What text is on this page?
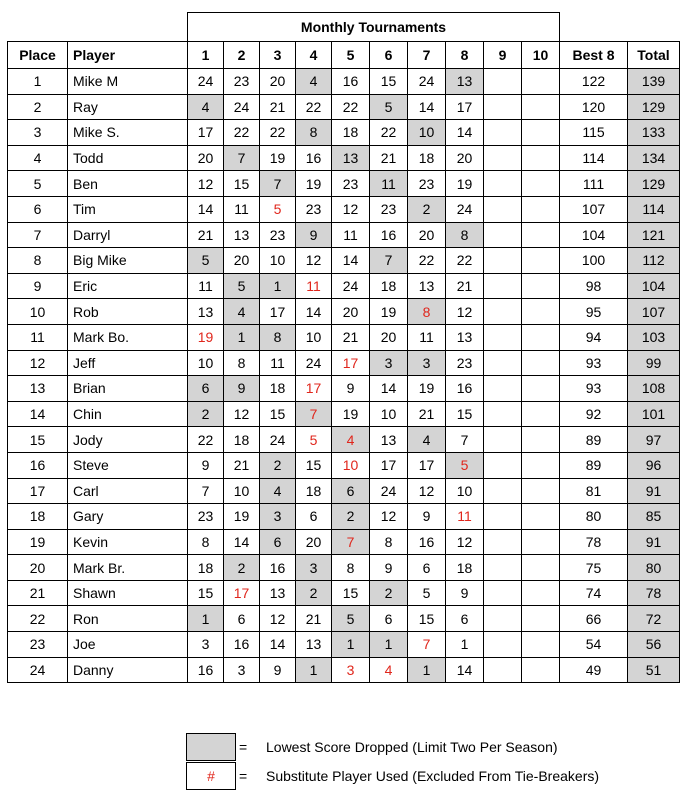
		Monthly Tournaments											
Place	Player	1	2	3	4	5	6	7	8	9	10	Best 8	Total
1	Mike M	24	23	20	4	16	15	24	13			122	139
2	Ray	4	24	21	22	22	5	14	17			120	129
3	Mike S.	17	22	22	8	18	22	10	14			115	133
4	Todd	20	7	19	16	13	21	18	20			114	134
5	Ben	12	15	7	19	23	11	23	19			111	129
6	Tim	14	11	5	23	12	23	2	24			107	114
7	Darryl	21	13	23	9	11	16	20	8			104	121
8	Big Mike	5	20	10	12	14	7	22	22			100	112
9	Eric	11	5	1	11	24	18	13	21			98	104
10	Rob	13	4	17	14	20	19	8	12			95	107
11	Mark Bo.	19	1	8	10	21	20	11	13			94	103
12	Jeff	10	8	11	24	17	3	3	23			93	99
13	Brian	6	9	18	17	9	14	19	16			93	108
14	Chin	2	12	15	7	19	10	21	15			92	101
15	Jody	22	18	24	5	4	13	4	7			89	97
16	Steve	9	21	2	15	10	17	17	5			89	96
17	Carl	7	10	4	18	6	24	12	10			81	91
18	Gary	23	19	3	6	2	12	9	11			80	85
19	Kevin	8	14	6	20	7	8	16	12			78	91
20	Mark Br.	18	2	16	3	8	9	6	18			75	80
21	Shawn	15	17	13	2	15	2	5	9			74	78
22	Ron	1	6	12	21	5	6	15	6			66	72
23	Joe	3	16	14	13	1	1	7	1			54	56
24	Danny	16	3	9	1	3	4	1	14			49	51
= Lowest Score Dropped (Limit Two Per Season)
#	= Substitute Player Used (Excluded From Tie-Breakers)
